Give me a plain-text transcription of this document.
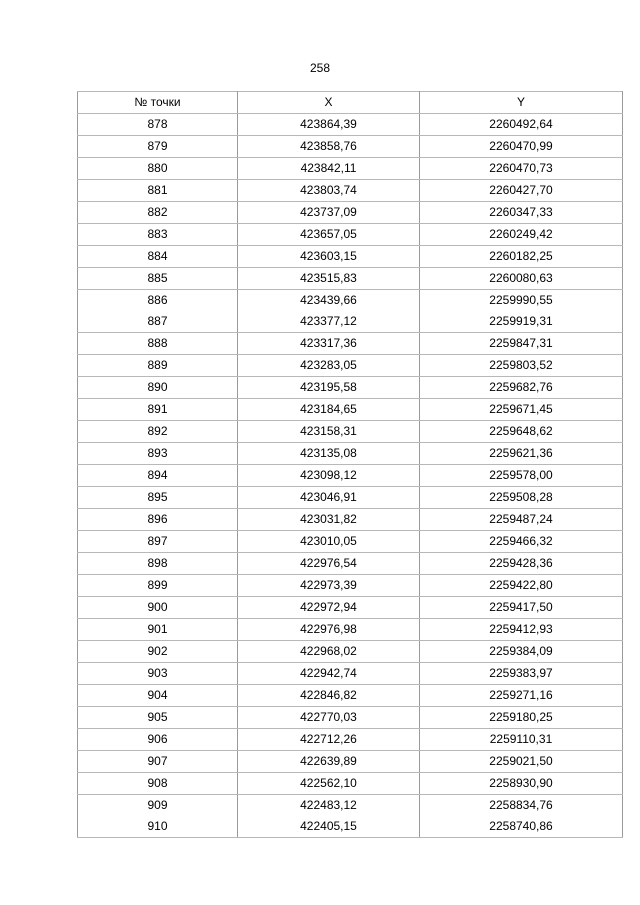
258
№ точки	X	Y
878	423864,39	2260492,64
879	423858,76	2260470,99
880	423842,11	2260470,73
881	423803,74	2260427,70
882	423737,09	2260347,33
883	423657,05	2260249,42
884	423603,15	2260182,25
885	423515,83	2260080,63
886	423439,66	2259990,55
887	423377,12	2259919,31
888	423317,36	2259847,31
889	423283,05	2259803,52
890	423195,58	2259682,76
891	423184,65	2259671,45
892	423158,31	2259648,62
893	423135,08	2259621,36
894	423098,12	2259578,00
895	423046,91	2259508,28
896	423031,82	2259487,24
897	423010,05	2259466,32
898	422976,54	2259428,36
899	422973,39	2259422,80
900	422972,94	2259417,50
901	422976,98	2259412,93
902	422968,02	2259384,09
903	422942,74	2259383,97
904	422846,82	2259271,16
905	422770,03	2259180,25
906	422712,26	2259110,31
907	422639,89	2259021,50
908	422562,10	2258930,90
909	422483,12	2258834,76
910	422405,15	2258740,86
